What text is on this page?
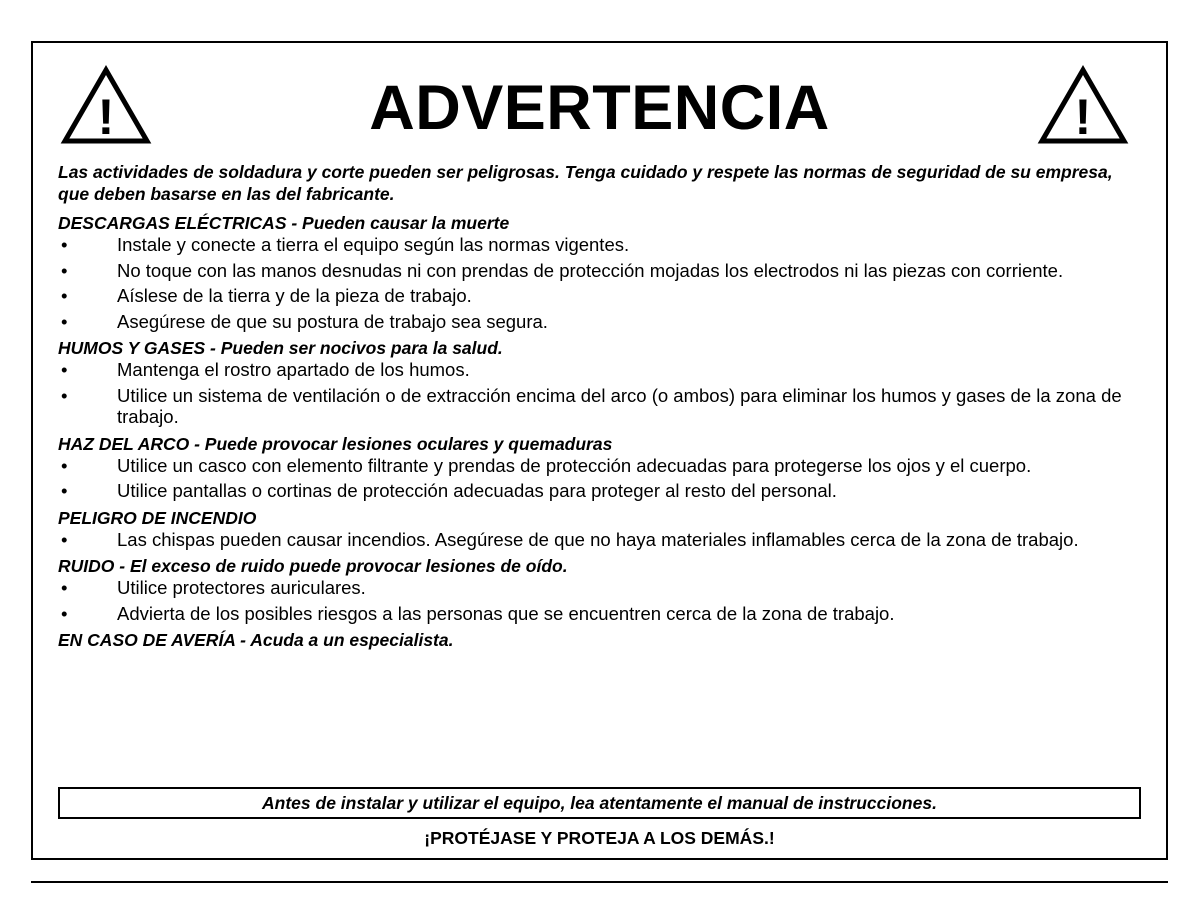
!	ADVERTENCIA	!

Las actividades de soldadura y corte pueden ser peligrosas. Tenga cuidado y respete las normas de seguridad de su empresa, que deben basarse en las del fabricante.

DESCARGAS ELÉCTRICAS - Pueden causar la muerte

•	Instale y conecte a tierra el equipo según las normas vigentes.
•	No toque con las manos desnudas ni con prendas de protección mojadas los electrodos ni las piezas con corriente.
•	Aíslese de la tierra y de la pieza de trabajo.
•	Asegúrese de que su postura de trabajo sea segura.

HUMOS Y GASES - Pueden ser nocivos para la salud.

•	Mantenga el rostro apartado de los humos.
•	Utilice un sistema de ventilación o de extracción encima del arco (o ambos) para eliminar los humos y gases de la zona de trabajo.

HAZ DEL ARCO - Puede provocar lesiones oculares y quemaduras

•	Utilice un casco con elemento filtrante y prendas de protección adecuadas para protegerse los ojos y el cuerpo.
•	Utilice pantallas o cortinas de protección adecuadas para proteger al resto del personal.

PELIGRO DE INCENDIO

•	Las chispas pueden causar incendios. Asegúrese de que no haya materiales inflamables cerca de la zona de trabajo.

RUIDO - El exceso de ruido puede provocar lesiones de oído.

•	Utilice protectores auriculares.
•	Advierta de los posibles riesgos a las personas que se encuentren cerca de la zona de trabajo.

EN CASO DE AVERÍA - Acuda a un especialista.

Antes de instalar y utilizar el equipo, lea atentamente el manual de instrucciones.
¡PROTÉJASE Y PROTEJA A LOS DEMÁS.!
